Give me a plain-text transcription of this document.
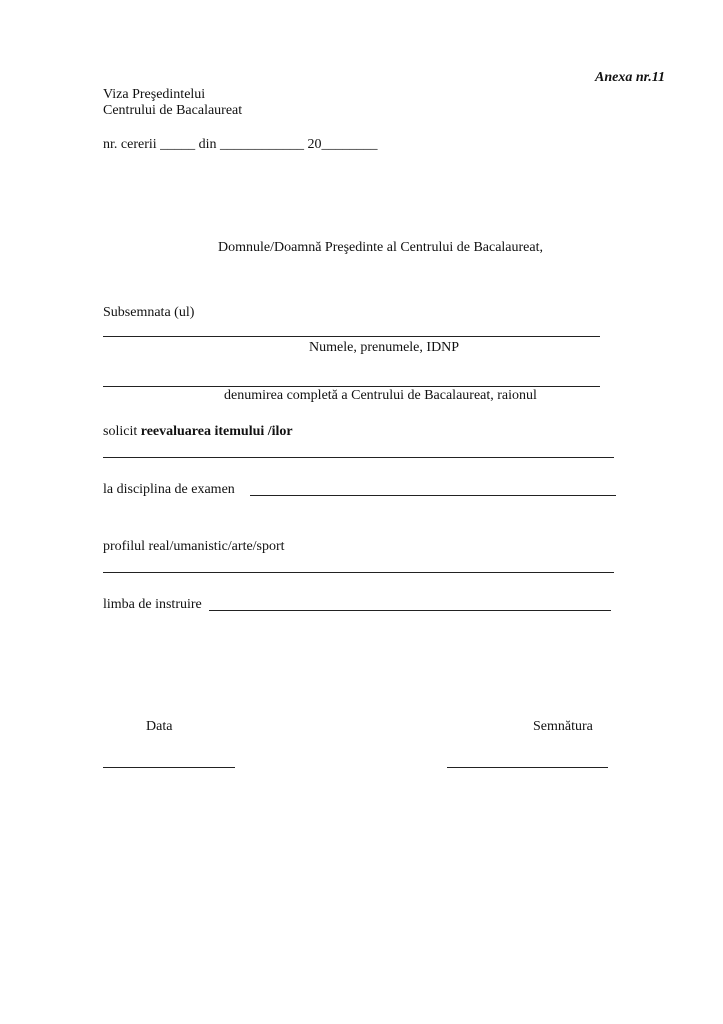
Anexa nr.11
Viza Preşedintelui
Centrului de Bacalaureat
nr. cererii _____ din ____________ 20________
Domnule/Doamnă Preşedinte al Centrului de Bacalaureat,
Subsemnata (ul)
Numele, prenumele, IDNP
denumirea completă a Centrului de Bacalaureat, raionul
solicit reevaluarea itemului /ilor
la disciplina de examen
profilul real/umanistic/arte/sport
limba de instruire
Data	Semnătura
